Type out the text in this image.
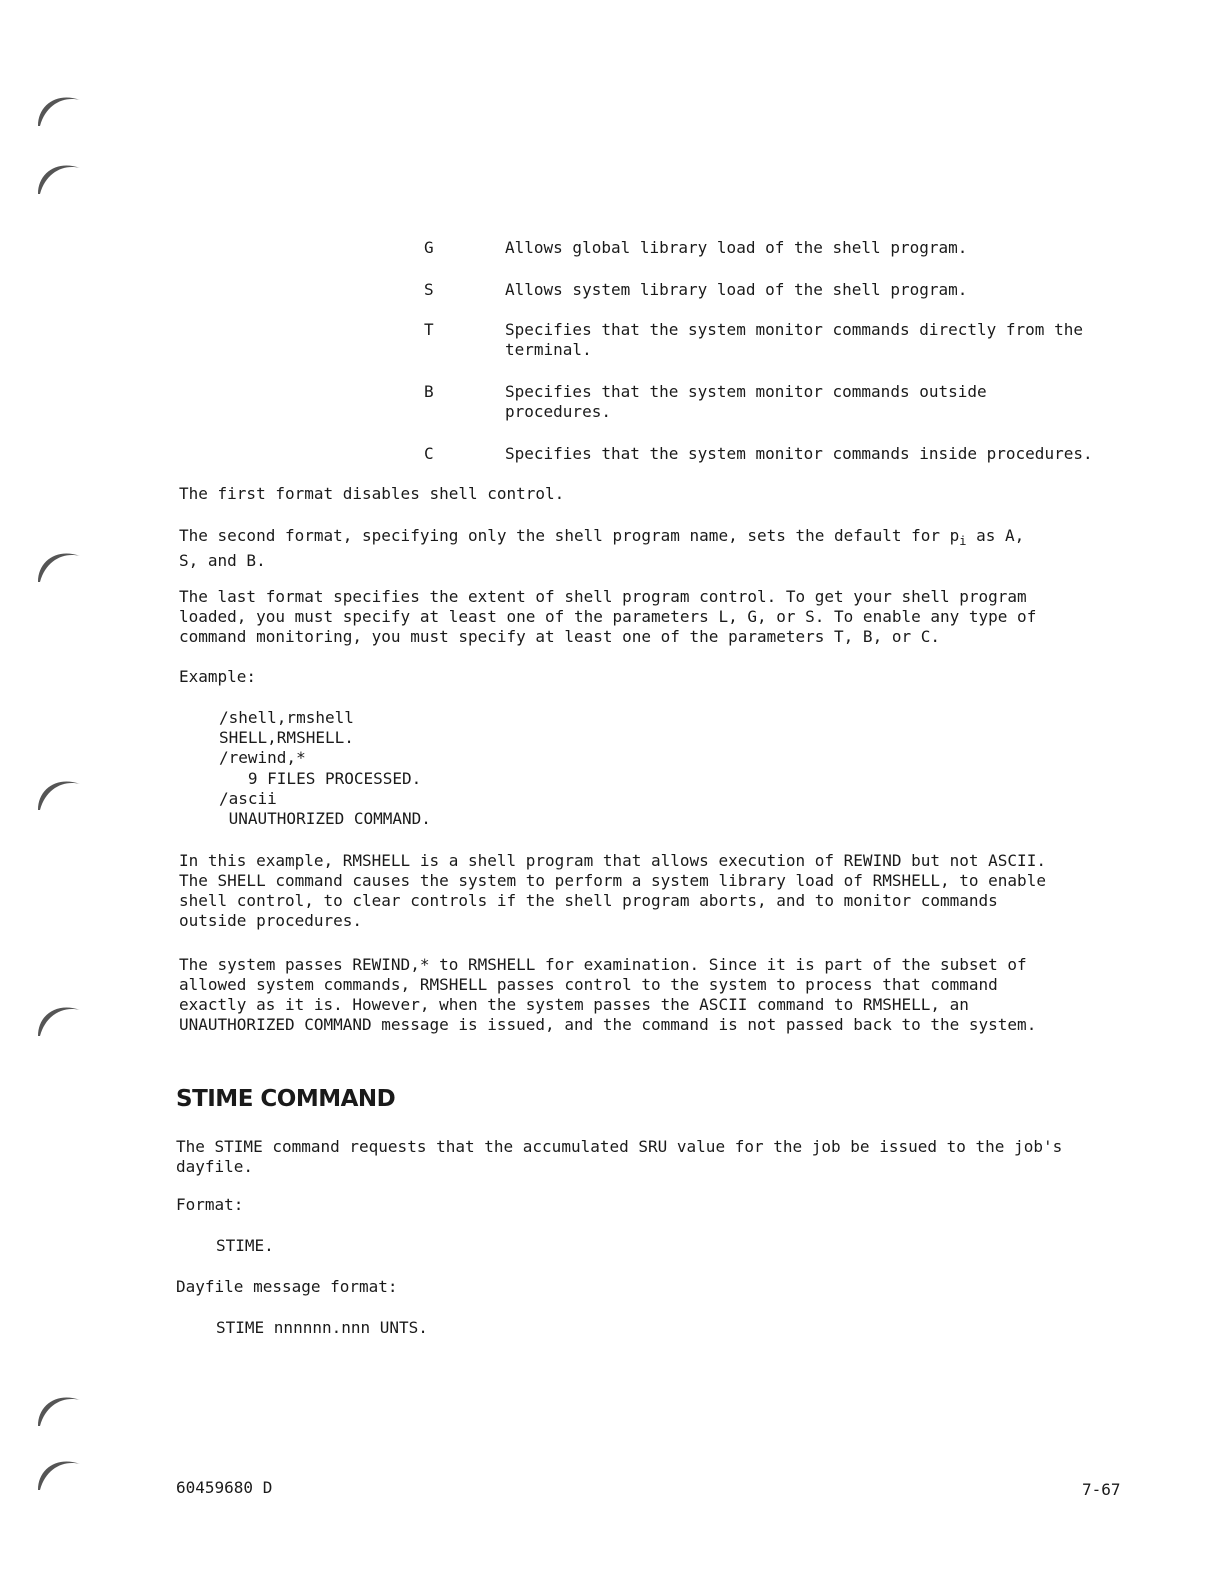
G	Allows global library load of the shell program.
S	Allows system library load of the shell program.
T	Specifies that the system monitor commands directly from the
terminal.
B	Specifies that the system monitor commands outside
procedures.
C	Specifies that the system monitor commands inside procedures.
The first format disables shell control.
The second format, specifying only the shell program name, sets the default for $p_i$ as A,
S, and B.
The last format specifies the extent of shell program control. To get your shell program
loaded, you must specify at least one of the parameters L, G, or S. To enable any type of
command monitoring, you must specify at least one of the parameters T, B, or C.
Example:
/shell,rmshell
SHELL,RMSHELL.
/rewind,*
9 FILES PROCESSED.
/ascii
UNAUTHORIZED COMMAND.
In this example, RMSHELL is a shell program that allows execution of REWIND but not ASCII.
The SHELL command causes the system to perform a system library load of RMSHELL, to enable
shell control, to clear controls if the shell program aborts, and to monitor commands
outside procedures.
The system passes REWIND,* to RMSHELL for examination. Since it is part of the subset of
allowed system commands, RMSHELL passes control to the system to process that command
exactly as it is. However, when the system passes the ASCII command to RMSHELL, an
UNAUTHORIZED COMMAND message is issued, and the command is not passed back to the system.
STIME COMMAND
The STIME command requests that the accumulated SRU value for the job be issued to the job's
dayfile.
Format:
STIME.
Dayfile message format:
STIME nnnnnn.nnn UNTS.
60459680 D	7-67
